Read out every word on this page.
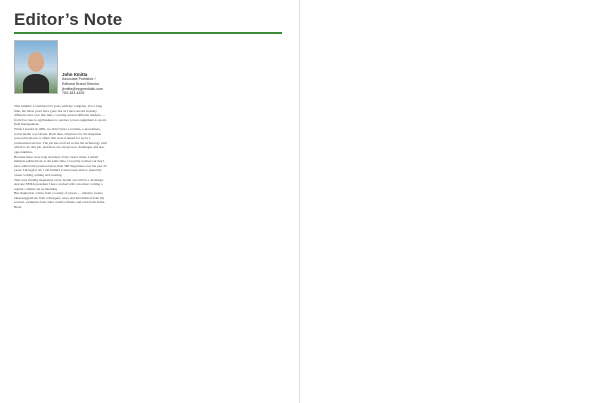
Editor’s Note
John Kmitta
Associate Publisher /
Editorial Brand Director
jkmitta@epgmediallc.com
763-383-4405

This summer I celebrated 25 years with my company. It is a long time, but those years have gone fast as I have served in many different roles over that time, covering several different markets — from live cues to agribusiness to outdoor power equipment to sports field management.

When I started in 1999, we didn’t have a website, e-newsletters, social media or podcasts. Back then, all photos for the magazine were print photos or slides that were scanned for us by a professional service. The job has evolved as has the technology with which to do that job, and there are always new challenges and new opportunities.

Because there were long stretches of my career where I edited multiple publications at the same time, I recently worked out that I have edited and produced more than 580 magazines over the past 25 years. Through it all, I am thrilled to have been able to spend my career writing, editing and creating.

That said, finding inspiration every month can still be a challenge. Anyone SFMA president I have worked with can attest: writing a regular column can be daunting.

But inspiration comes from a variety of places — industry events, ideas/suggestions from colleagues, news and information from my sources, examples from other creative minds, and even from home. Heck,
